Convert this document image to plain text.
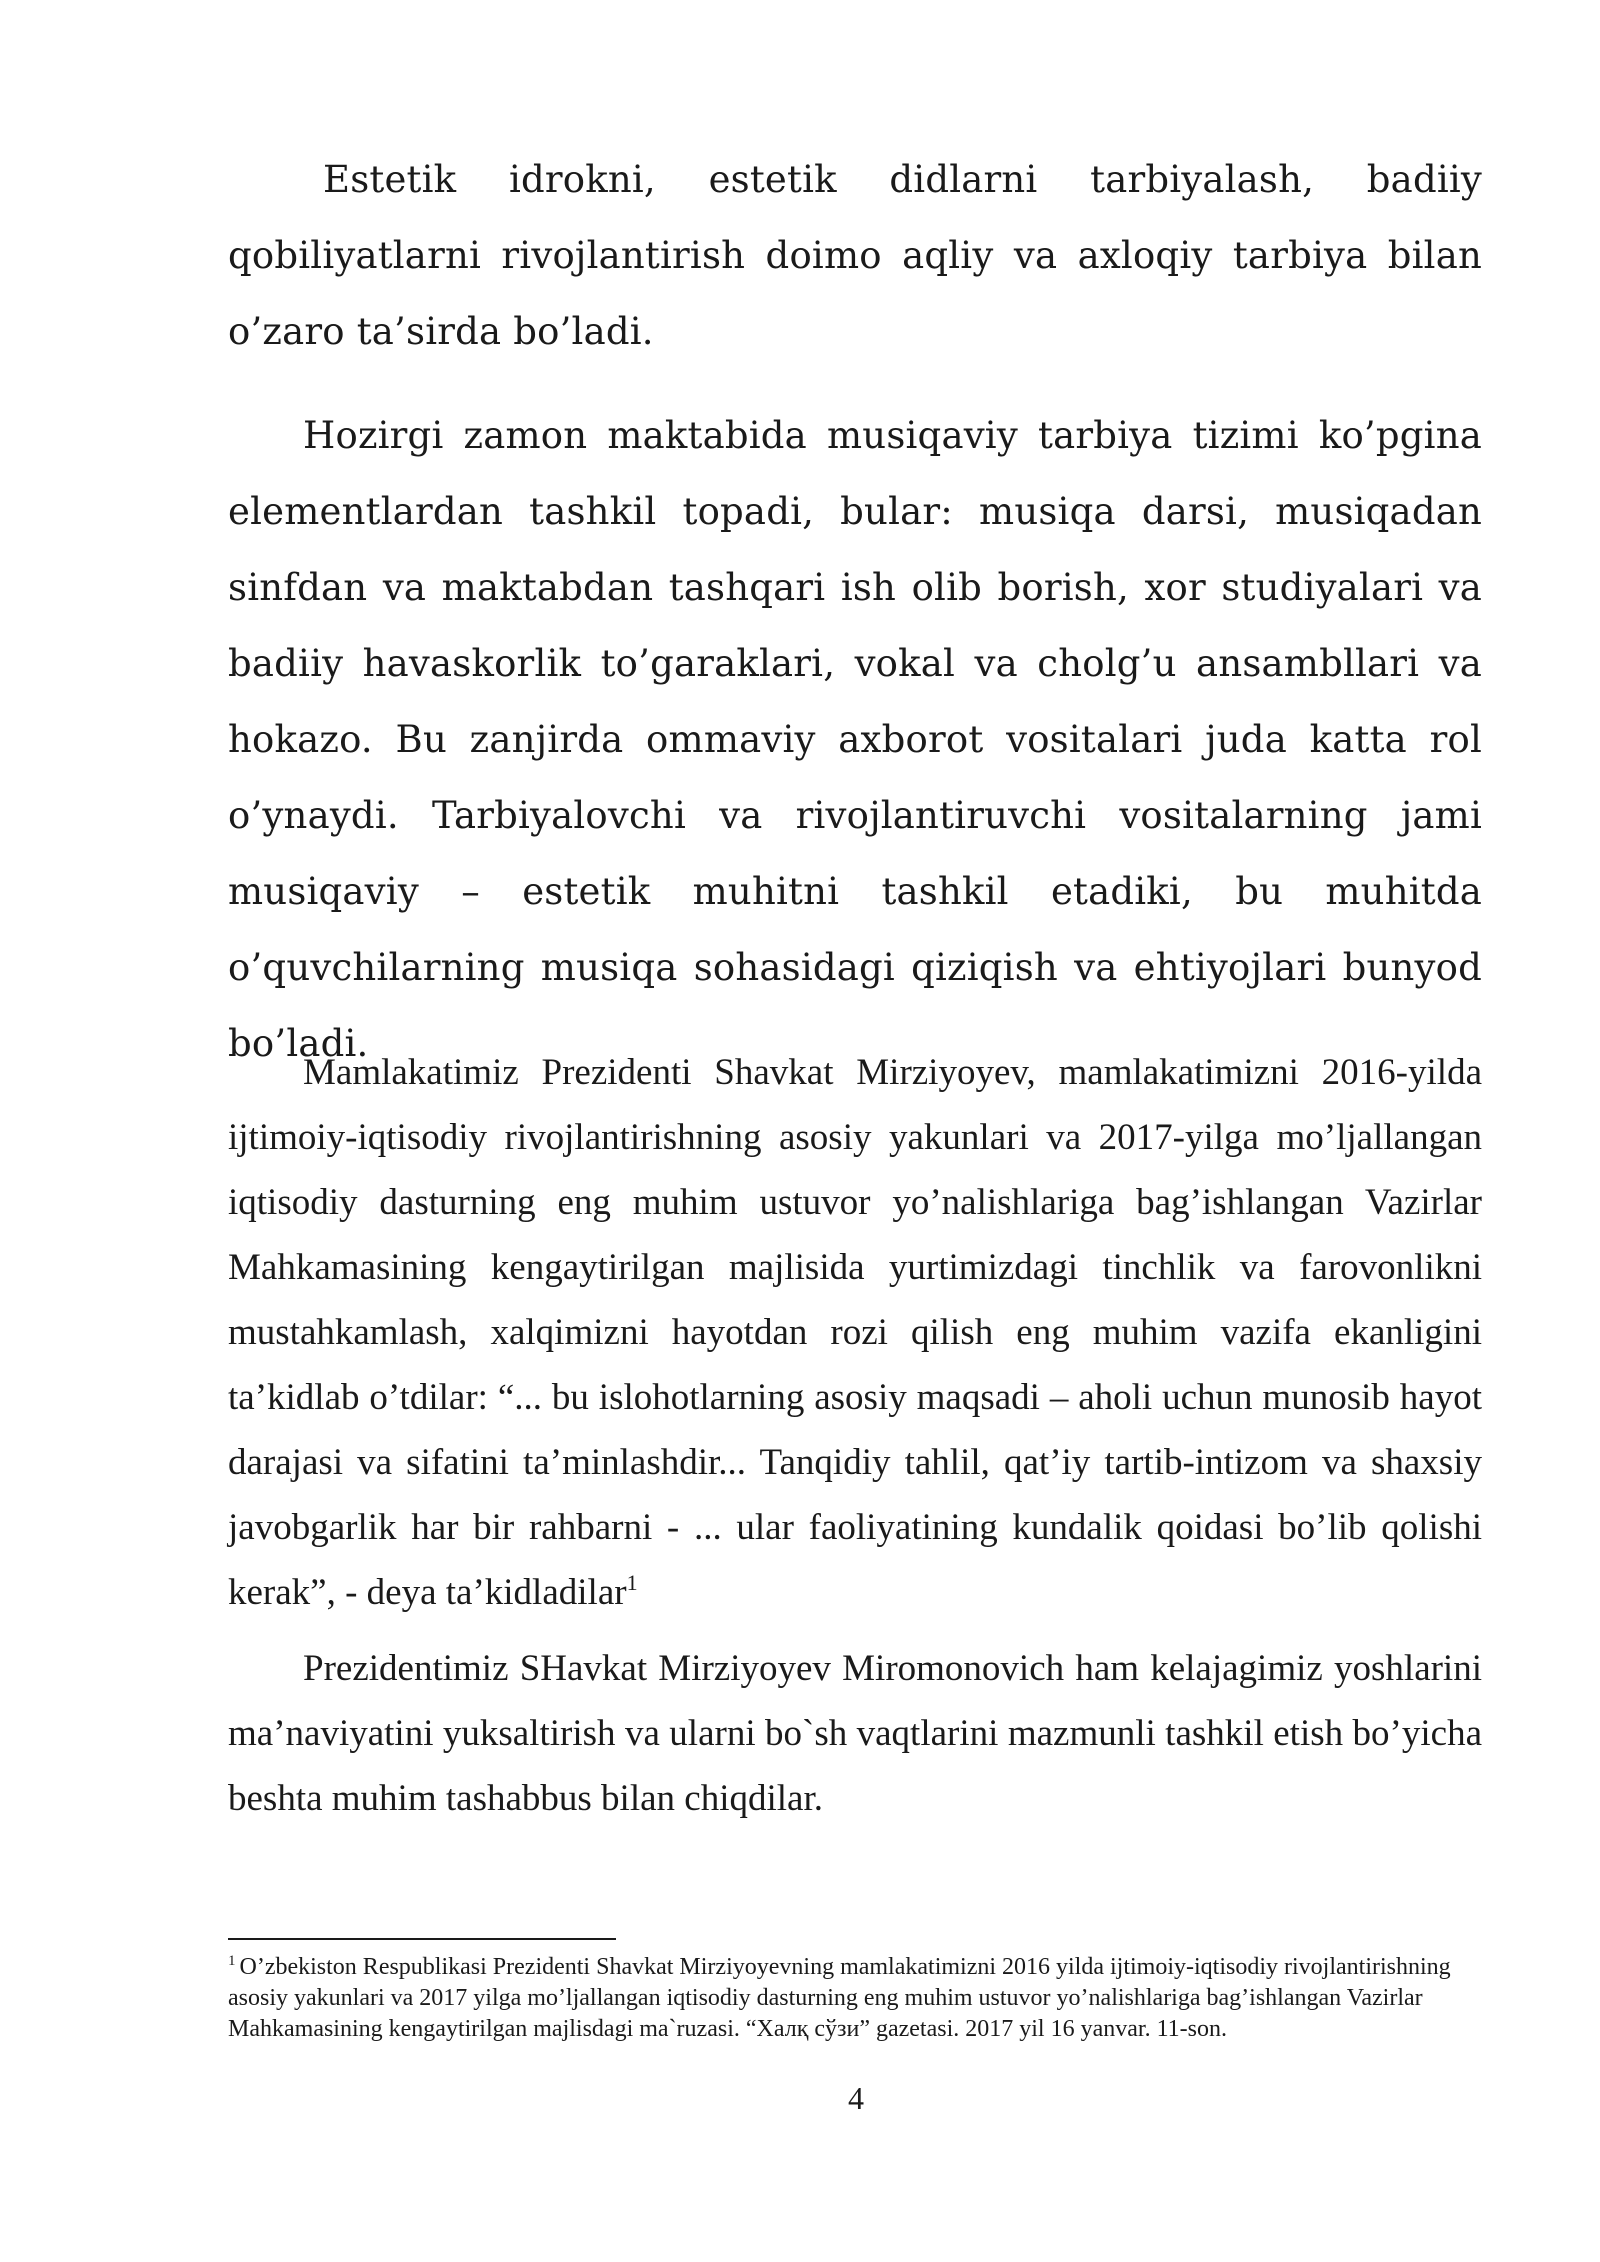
Estetik idrokni, estetik didlarni tarbiyalash, badiiy qobiliyatlarni rivojlantirish doimo aqliy va axloqiy tarbiya bilan o’zaro ta’sirda bo’ladi.

Hozirgi zamon maktabida musiqaviy tarbiya tizimi ko’pgina elementlardan tashkil topadi, bular: musiqa darsi, musiqadan sinfdan va maktabdan tashqari ish olib borish, xor studiyalari va badiiy havaskorlik to’garaklari, vokal va cholg’u ansambllari va hokazo. Bu zanjirda ommaviy axborot vositalari juda katta rol o’ynaydi. Tarbiyalovchi va rivojlantiruvchi vositalarning jami musiqaviy – estetik muhitni tashkil etadiki, bu muhitda o’quvchilarning musiqa sohasidagi qiziqish va ehtiyojlari bunyod bo’ladi.

Mamlakatimiz Prezidenti Shavkat Mirziyoyev, mamlakatimizni 2016-yilda ijtimoiy-iqtisodiy rivojlantirishning asosiy yakunlari va 2017-yilga mo’ljallangan iqtisodiy dasturning eng muhim ustuvor yo’nalishlariga bag’ishlangan Vazirlar Mahkamasining kengaytirilgan majlisida yurtimizdagi tinchlik va farovonlikni mustahkamlash, xalqimizni hayotdan rozi qilish eng muhim vazifa ekanligini ta’kidlab o’tdilar: “... bu islohotlarning asosiy maqsadi – aholi uchun munosib hayot darajasi va sifatini ta’minlashdir... Tanqidiy tahlil, qat’iy tartib-intizom va shaxsiy javobgarlik har bir rahbarni - ... ular faoliyatining kundalik qoidasi bo’lib qolishi kerak”, - deya ta’kidladilar$^1$

Prezidentimiz SHavkat Mirziyoyev Miromonovich ham kelajagimiz yoshlarini ma’naviyatini yuksaltirish va ularni bo`sh vaqtlarini mazmunli tashkil etish bo’yicha beshta muhim tashabbus bilan chiqdilar.

$^1$ O’zbekiston Respublikasi Prezidenti Shavkat Mirziyoyevning mamlakatimizni 2016 yilda ijtimoiy-iqtisodiy rivojlantirishning asosiy yakunlari va 2017 yilga mo’ljallangan iqtisodiy dasturning eng muhim ustuvor yo’nalishlariga bag’ishlangan Vazirlar Mahkamasining kengaytirilgan majlisdagi ma`ruzasi. “Халқ сўзи” gazetasi. 2017 yil 16 yanvar. 11-son.

4
